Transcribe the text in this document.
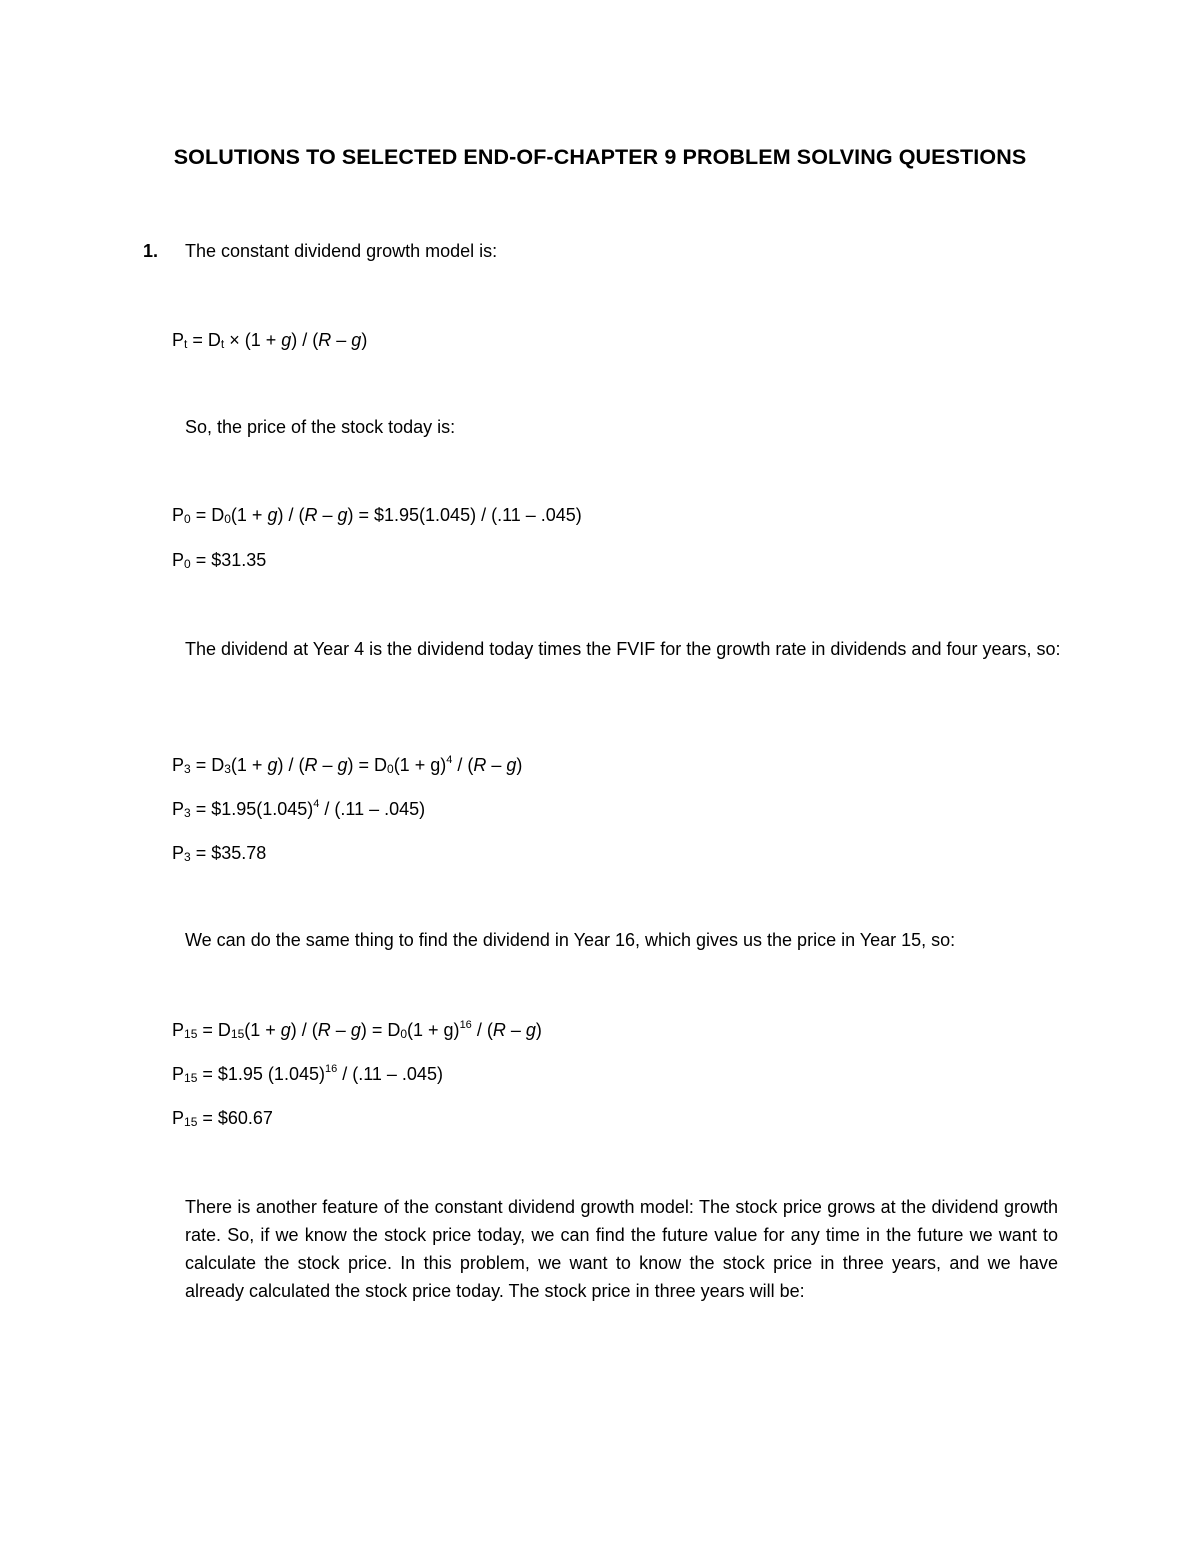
SOLUTIONS TO SELECTED END-OF-CHAPTER 9 PROBLEM SOLVING QUESTIONS
1. The constant dividend growth model is:
$P_t = D_t \times (1 + g) / (R - g)$
So, the price of the stock today is:
$P_0 = D_0(1 + g) / (R - g)$ = $1.95(1.045) / (.11 – .045)
$P_0$ = $31.35
The dividend at Year 4 is the dividend today times the FVIF for the growth rate in dividends and four years, so:
$P_3 = D_3(1 + g) / (R - g) = D_0(1 + g)^4 / (R - g)$
$P_3$ = $\$1.95(1.045)^4 / (.11 - .045)$
$P_3$ = $35.78
We can do the same thing to find the dividend in Year 16, which gives us the price in Year 15, so:
$P_{15} = D_{15}(1 + g) / (R - g) = D_0(1 + g)^{16} / (R - g)$
$P_{15}$ = $1.95 $(1.045)^{16} / (.11 - .045)$
$P_{15}$ = $60.67
There is another feature of the constant dividend growth model: The stock price grows at the dividend growth rate. So, if we know the stock price today, we can find the future value for any time in the future we want to calculate the stock price. In this problem, we want to know the stock price in three years, and we have already calculated the stock price today. The stock price in three years will be:
